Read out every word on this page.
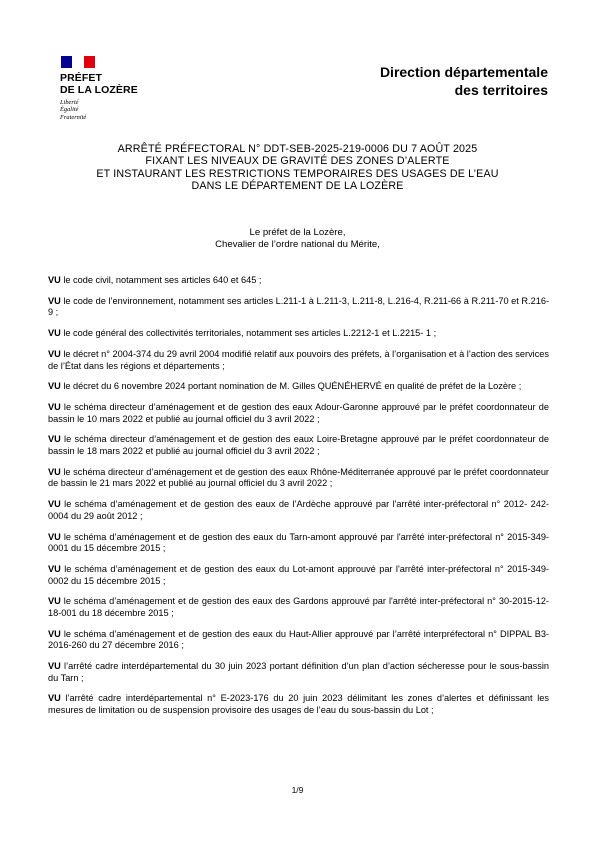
PRÉFET
DE LA LOZÈRE
Liberté
Égalité
Fraternité
Direction départementale
des territoires
ARRÊTÉ PRÉFECTORAL N° DDT-SEB-2025-219-0006 DU 7 AOÛT 2025
FIXANT LES NIVEAUX DE GRAVITÉ DES ZONES D’ALERTE
ET INSTAURANT LES RESTRICTIONS TEMPORAIRES DES USAGES DE L’EAU
DANS LE DÉPARTEMENT DE LA LOZÈRE
Le préfet de la Lozère,
Chevalier de l’ordre national du Mérite,

VU le code civil, notamment ses articles 640 et 645 ;

VU le code de l’environnement, notamment ses articles L.211-1 à L.211-3, L.211-8, L.216-4, R.211-66 à R.211-70 et R.216-9 ;

VU le code général des collectivités territoriales, notamment ses articles L.2212-1 et L.2215- 1 ;

VU le décret n° 2004-374 du 29 avril 2004 modifié relatif aux pouvoirs des préfets, à l’organisation et à l’action des services de l’État dans les régions et départements ;

VU le décret du 6 novembre 2024 portant nomination de M. Gilles QUÉNÉHERVÉ en qualité de préfet de la Lozère ;

VU le schéma directeur d’aménagement et de gestion des eaux Adour-Garonne approuvé par le préfet coordonnateur de bassin le 10 mars 2022 et publié au journal officiel du 3 avril 2022 ;

VU le schéma directeur d’aménagement et de gestion des eaux Loire-Bretagne approuvé par le préfet coordonnateur de bassin le 18 mars 2022 et publié au journal officiel du 3 avril 2022 ;

VU le schéma directeur d’aménagement et de gestion des eaux Rhône-Méditerranée approuvé par le préfet coordonnateur de bassin le 21 mars 2022 et publié au journal officiel du 3 avril 2022 ;

VU le schéma d’aménagement et de gestion des eaux de l’Ardèche approuvé par l'arrêté inter-préfectoral n° 2012- 242-0004 du 29 août 2012 ;

VU le schéma d’aménagement et de gestion des eaux du Tarn-amont approuvé par l'arrêté inter-préfectoral n° 2015-349-0001 du 15 décembre 2015 ;

VU le schéma d’aménagement et de gestion des eaux du Lot-amont approuvé par l'arrêté inter-préfectoral n° 2015-349-0002 du 15 décembre 2015 ;

VU le schéma d’aménagement et de gestion des eaux des Gardons approuvé par l'arrêté inter-préfectoral n° 30-2015-12-18-001 du 18 décembre 2015 ;

VU le schéma d’aménagement et de gestion des eaux du Haut-Allier approuvé par l’arrêté interpréfectoral n° DIPPAL B3-2016-260 du 27 décembre 2016 ;

VU l’arrêté cadre interdépartemental du 30 juin 2023 portant définition d’un plan d’action sécheresse pour le sous-bassin du Tarn ;

VU l’arrêté cadre interdépartemental n° E-2023-176 du 20 juin 2023 délimitant les zones d’alertes et définissant les mesures de limitation ou de suspension provisoire des usages de l’eau du sous-bassin du Lot ;

1/9
